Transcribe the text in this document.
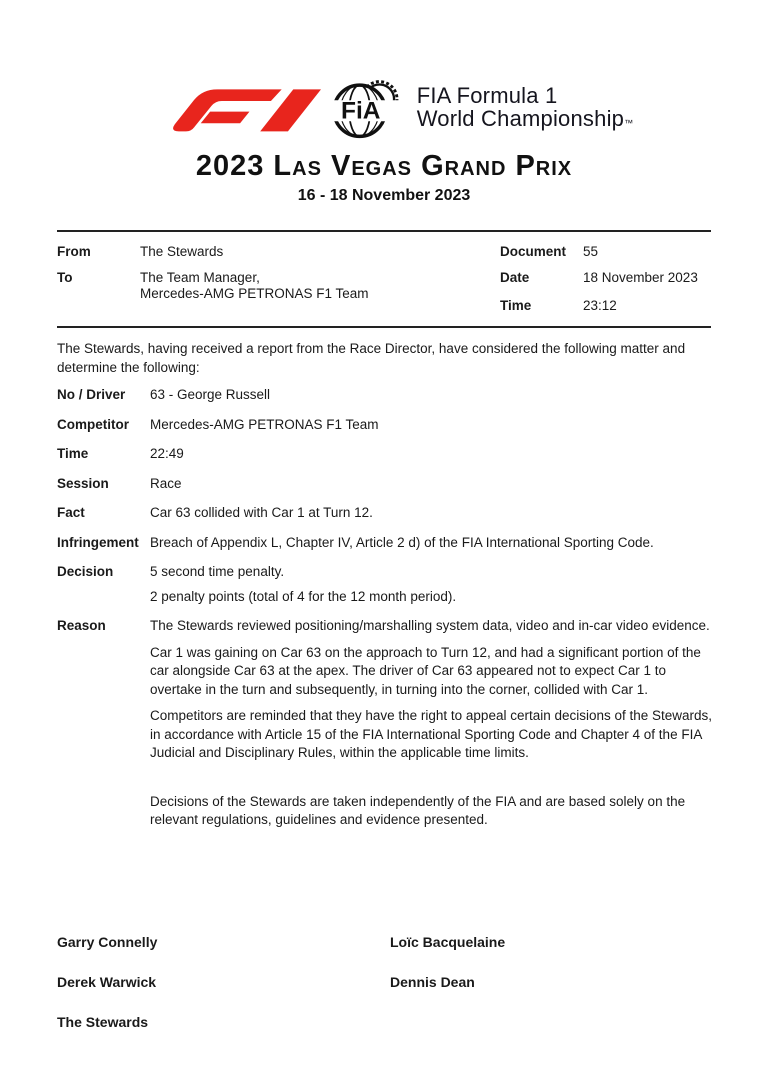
FiA
FIA Formula 1
World Championship™
2023 Las Vegas Grand Prix
16 - 18 November 2023
From	The Stewards
To	The Team Manager,
Mercedes-AMG PETRONAS F1 Team
Document	55
Date	18 November 2023
Time	23:12
The Stewards, having received a report from the Race Director, have considered the following matter and determine the following:
No / Driver	63 - George Russell
Competitor	Mercedes-AMG PETRONAS F1 Team
Time	22:49
Session	Race
Fact	Car 63 collided with Car 1 at Turn 12.
Infringement Breach of Appendix L, Chapter IV, Article 2 d) of the FIA International Sporting Code.
Decision	5 second time penalty.
2 penalty points (total of 4 for the 12 month period).
Reason	The Stewards reviewed positioning/marshalling system data, video and in-car video evidence.

Car 1 was gaining on Car 63 on the approach to Turn 12, and had a significant portion of the car alongside Car 63 at the apex. The driver of Car 63 appeared not to expect Car 1 to overtake in the turn and subsequently, in turning into the corner, collided with Car 1.

Competitors are reminded that they have the right to appeal certain decisions of the Stewards, in accordance with Article 15 of the FIA International Sporting Code and Chapter 4 of the FIA Judicial and Disciplinary Rules, within the applicable time limits.

Decisions of the Stewards are taken independently of the FIA and are based solely on the relevant regulations, guidelines and evidence presented.

Garry Connelly	Loïc Bacquelaine
Derek Warwick	Dennis Dean
The Stewards
